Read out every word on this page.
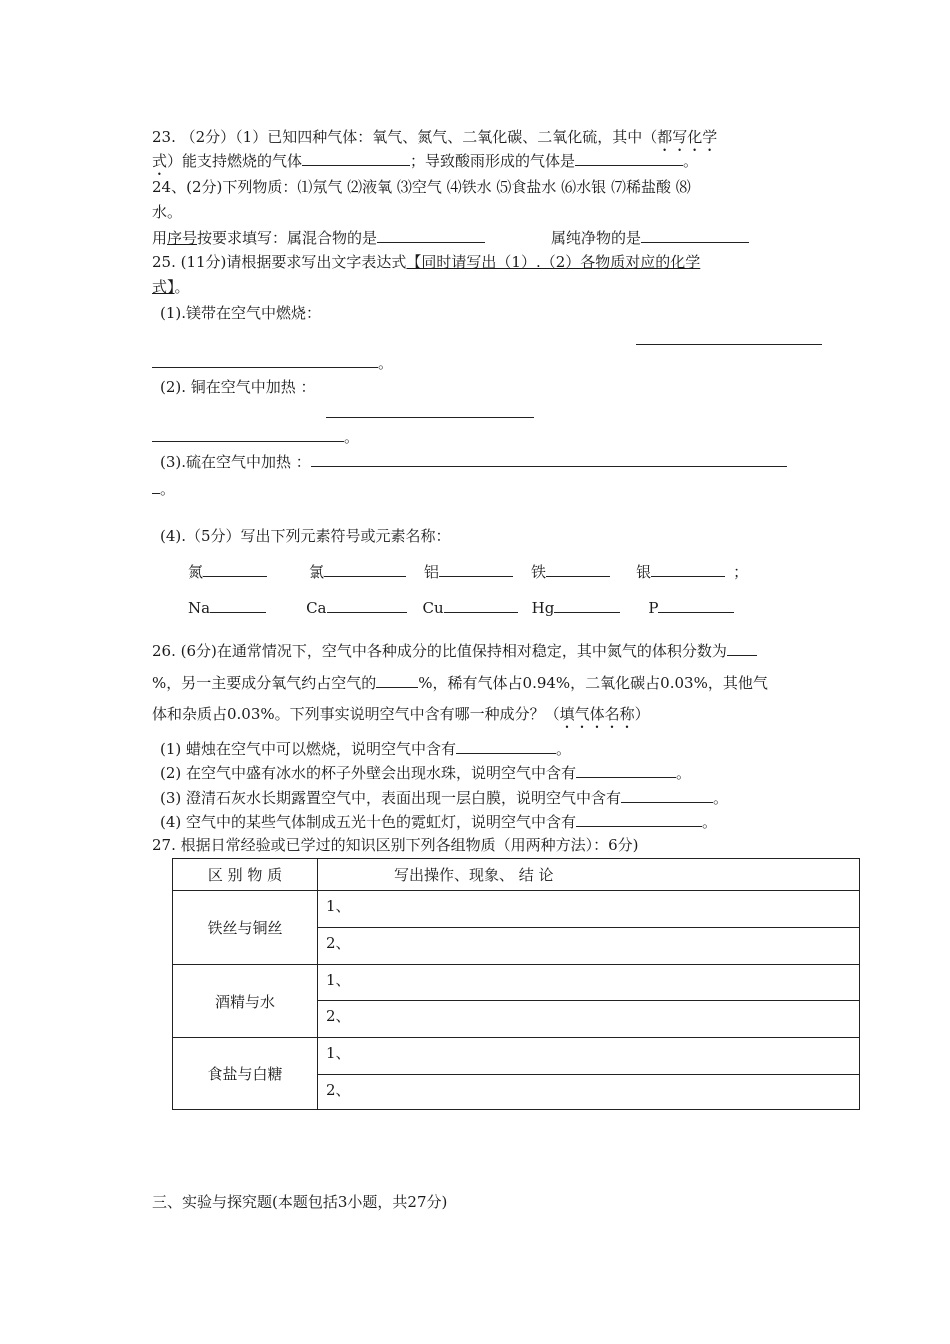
23. （2分）（1）已知四种气体：氧气、氮气、二氧化碳、二氧化硫，其中（都写化学
式）能支持燃烧的气体	；导致酸雨形成的气体是	。
24、(2分)下列物质：⑴氖气 ⑵液氧 ⑶空气 ⑷铁水 ⑸食盐水 ⑹水银 ⑺稀盐酸 ⑻
水。
用序号按要求填写：属混合物的是	属纯净物的是
25. (11分)请根据要求写出文字表达式【同时请写出（1）.（2）各物质对应的化学
式】。
(1).镁带在空气中燃烧：
。
(2). 铜在空气中加热 ：
。
(3).硫在空气中加热 ：
。
(4).（5分）写出下列元素符号或元素名称：
氮	氯	铝	铁	银	；
Na	Ca	Cu	Hg	P
26. (6分)在通常情况下，空气中各种成分的比值保持相对稳定，其中氮气的体积分数为
%，另一主要成分氧气约占空气的	%，稀有气体占0.94%，二氧化碳占0.03%，其他气
体和杂质占0.03%。下列事实说明空气中含有哪一种成分？（填气体名称）
(1) 蜡烛在空气中可以燃烧，说明空气中含有	。
(2) 在空气中盛有冰水的杯子外壁会出现水珠，说明空气中含有	。
(3) 澄清石灰水长期露置空气中，表面出现一层白膜，说明空气中含有	。
(4) 空气中的某些气体制成五光十色的霓虹灯，说明空气中含有	。
27. 根据日常经验或已学过的知识区别下列各组物质（用两种方法）：6分)
区 别 物 质	写出操作、现象、 结 论
铁丝与铜丝	1、
	2、
酒精与水	1、
	2、
食盐与白糖	1、
	2、
三、实验与探究题(本题包括3小题，共27分)
